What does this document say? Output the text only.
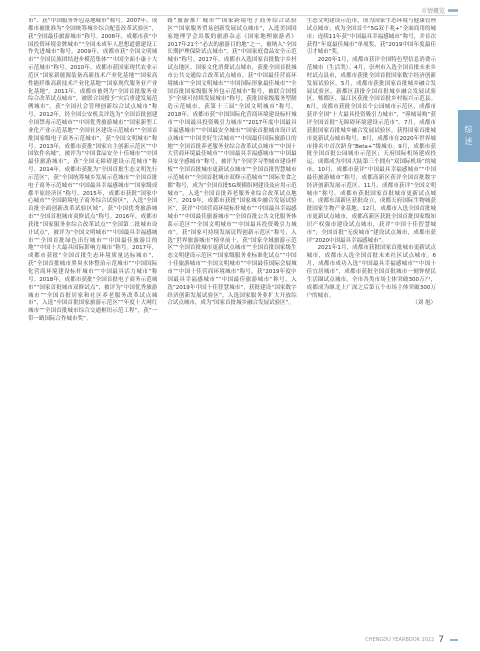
市情概览

市”、获“中国服务外包基地城市”称号。2007年，成都市被批准为“全国统筹城乡综合配套改革试验区”，获“全国最佳旅游城市”称号。2008年，成都市获“中国投资环境金牌城市”“全国未成年人思想道德建设工作先进城市”称号。2009年，成都市获“全国文明城市”“全国民族团结进步模范集体”“中国全面小康十大示范城市”称号。2010年，成都市获国家现代农业示范区“国家新能源装备高新技术产业化基地”“国家高性能纤维高新技术产业化基地”“国家现代服务业产业化基地”。2011年，成都市被列为“全国首批服务业综合改革试点城市”，被联合国授予“灾后重建发展范例城市”，获“全国社会管理创新综合试点城市”称号。2012年，经全国公安机关评选为“全国首批创建全国禁毒示范城市”“中国优秀旅游城市”“国家新型工业化产业示范基地”“全国社区建设示范城市”“全国首批国家级电子商务示范城市”，获“全国文明城市”称号。2013年，成都市获批“国家自主创新示范区”“中国软件名城”，被评为“中国食品安全十佳城市”“中国最佳旅游城市”，获“全国无障碍建设示范城市”称号。2014年，成都市获批为“全国首批生态文明先行示范区”，获“全国统筹城乡发展示范城市”“全国首批电子商务示范城市”“中国最具幸福感城市”“国家级成都平原经济区”称号。2015年，成都市获批“国家中心城市”“全国跨境电子商务综合试验区”，入选“全国首批全面创新改革试验区域”，获“中国优秀旅游城市”“全国首批城市双修试点”称号。2016年，成都市获批“国家服务业综合改革试点”“全国第二批城市设计试点”，被评为“全国文明城市”“中国最具幸福感城市”“全国首批绿色出行城市”“中国最佳旅游目的地”“中国十大最具国际影响力城市”称号。2017年，成都市获批“全国首批生态环境质量达标城市”，获“全国首批城市黑臭水体整治示范城市”“中国国际化营商环境建设标杆城市”“中国最具活力城市”称号。2018年，成都市获批“全国首批电子商务示范城市”“国家首批城市双修试点”，被评为“中国优秀旅游城市”“全国首批居家和社区养老服务改革试点城市”，入选“中国首批国家旅游示范区”“年度十大网红城市”“全国首批城市综合交通枢纽示范工程”，获“一带一路国际合作城市奖”。

路”旅游推广城市”“国家跨境电子商务综合试验区”“国家服务贸易创新发展试点城市”，入选美国国家地理学会出版的旅游杂志《国家地理旅游者》2017年21个“必去的旅游目的地”之一，被纳入“全国长期护理保险试点城市”，获“中国家庭食品安全示范城市”称号。2017年，成都市入选国家首批数字乡村试点地区、国家文化消费试点城市，获批全国首批城市公共交通综合改革试点城市，获“中国最佳营商环境城市”“全国文明城市”“中国国际形象最佳城市”“全国首批国家级服务外包示范城市”称号，被联合国授予“全球可持续发展城市”称号，获批国家级服务型制造示范城市，获第十三届“全国文明城市”称号。2018年，成都市获“中国国际化营商环境建设标杆城市”“中国最具投资吸引力城市”“2017年度中国最具幸福感城市”“中国最安全城市”“国家首批城市设计试点城市”“中国美好生活城市”“中国最佳国际旅游目的地”“全国首批养老服务业综合改革试点城市”“中国十大营商环境最佳城市”“中国最具幸福感城市”“中国最具安全感城市”称号，被评为“全国学习型城市建设样板”“全国首批城市更新试点城市”“全国首批智慧城市示范城市”“全国首批城市双修示范城市”“国际美食之都”称号，成为“全国首批5G规模组网建设及应用示范城市”，入选“全国首批养老服务业综合改革试点地区”。2019年，成都市获批“国家城乡融合发展试验区”，获评“中国营商环境标杆城市”“中国最具幸福感城市”“中国最佳旅游城市”“全国首批公共文化服务体系示范区”“全国文明城市”“中国最具投资吸引力城市”，获“国家可持续发展议程创新示范区”称号，入选“世界旅游城市”榜单前十，获“国家全域旅游示范区”“全国首批城市更新试点城市”“全国首批国家级生态文明建设示范区”“国家级服务业标准化试点”“中国十佳旅游城市”“全国文明城市”“中国最佳国际会展城市”“中国十佳营商环境城市”称号，获“2019年度中国最具幸福感城市”“中国最佳旅游城市”称号，入选“2019年中国十佳智慧城市”，获批建设“国家数字经济创新发展试验区”，入选国家服务业扩大开放综合试点城市，成为“国家首批城乡融合发展试验区”。

生态文明建设示范市，成为国家生态环境与健康管理试点城市；成为全国首个“5G双千兆+”全面商用的城市；连续11年获“中国最具幸福感城市”称号，并首次获得“年度最佳城市”单项奖，获“2019中国年度最佳引才城市”奖。

2020年1月，成都市获评全国特色型信息消费示范城市（生活类）。4月，崇州市入选全国首批未来乡村试点县市，成都市获批全国首批国家数字经济创新发展试验区。5月，成都市获批国家首批城乡融合发展试验区，新都区获批全国首批城乡融合发展试验区，郫都区、温江区获批全国首批乡村振兴示范县。6月，成都市获批全国首个公园城市示范区，成都市获评全国“十大最具投资吸引力城市”，“蓉城易购”获评全国首批“无障碍环境建设示范市”。7月，成都市获批国家首批城乡融合发展试验区，获得国家首批城市更新试点城市称号。8月，成都市在2020年世界城市排名中首次跻身“Beta+”级城市。9月，成都市获批全国首批公园城市示范区；天府国际机场建成投运，成都成为中国大陆第三个拥有“双国际机场”的城市。10月，成都市获评“中国最具幸福感城市”“中国最佳旅游城市”称号，成都高新区获评全国首批数字经济创新发展示范区。11月，成都市获评“全国文明城市”称号，成都市获批国家首批城市更新试点城市，成都东部新区获批设立，成都天府国际生物城获批国家生物产业基地。12月，成都市入选全国首批城市更新试点城市，成都高新区获批全国首批国家级知识产权强市建设试点城市，获评“中国十佳智慧城市”，全国首批“无废城市”建设试点城市，成都市获评“2020中国最具幸福感城市”。

2021年1月，成都市获批国家首批城市更新试点城市，成都市入选全国首批未来社区试点城市。6月，成都市成功入选“中国最具幸福感城市”“中国十佳宜居城市”，成都市获批全国首批城市一刻钟便民生活圈试点城市。全市各类市场主体突破300万户，成都成为继北上广深之后第五个市场主体突破300万户的城市。

（刘 旭）

综
述
CHENGDU YEARBOOK 2022 7
